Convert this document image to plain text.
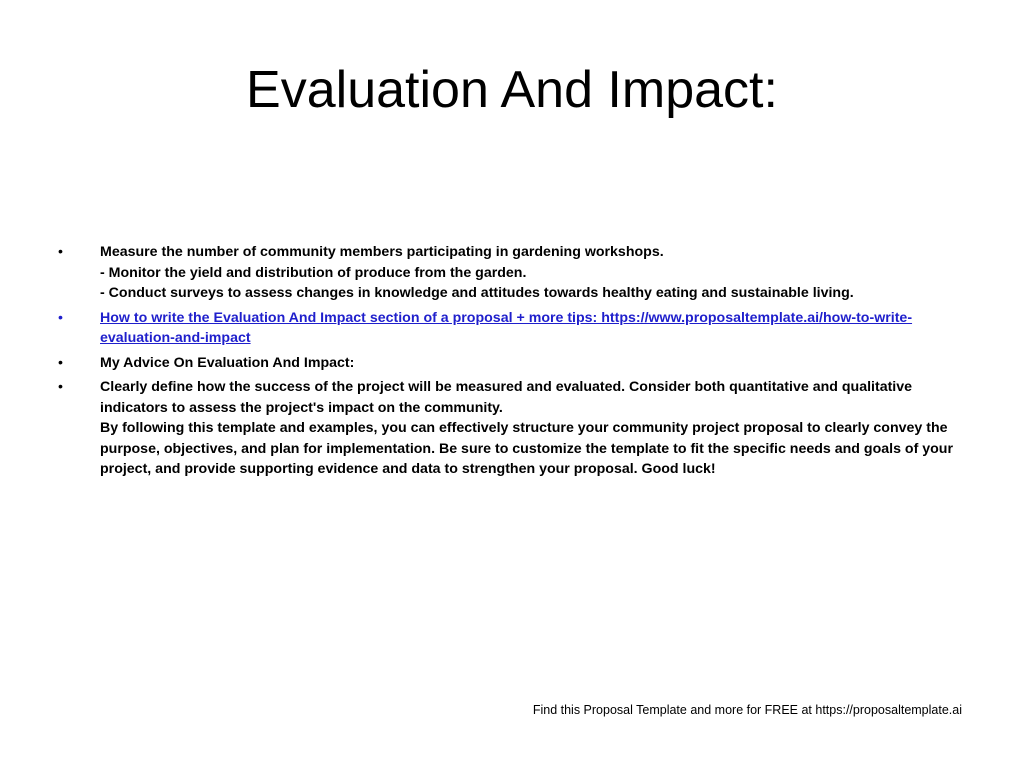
Evaluation And Impact:
•	Measure the number of community members participating in gardening workshops.
- Monitor the yield and distribution of produce from the garden.
- Conduct surveys to assess changes in knowledge and attitudes towards healthy eating and sustainable living.
•	How to write the Evaluation And Impact section of a proposal + more tips: https://www.proposaltemplate.ai/how-to-write-evaluation-and-impact
•	My Advice On Evaluation And Impact:
•	Clearly define how the success of the project will be measured and evaluated. Consider both quantitative and qualitative indicators to assess the project's impact on the community.
By following this template and examples, you can effectively structure your community project proposal to clearly convey the purpose, objectives, and plan for implementation. Be sure to customize the template to fit the specific needs and goals of your project, and provide supporting evidence and data to strengthen your proposal. Good luck!
Find this Proposal Template and more for FREE at https://proposaltemplate.ai
